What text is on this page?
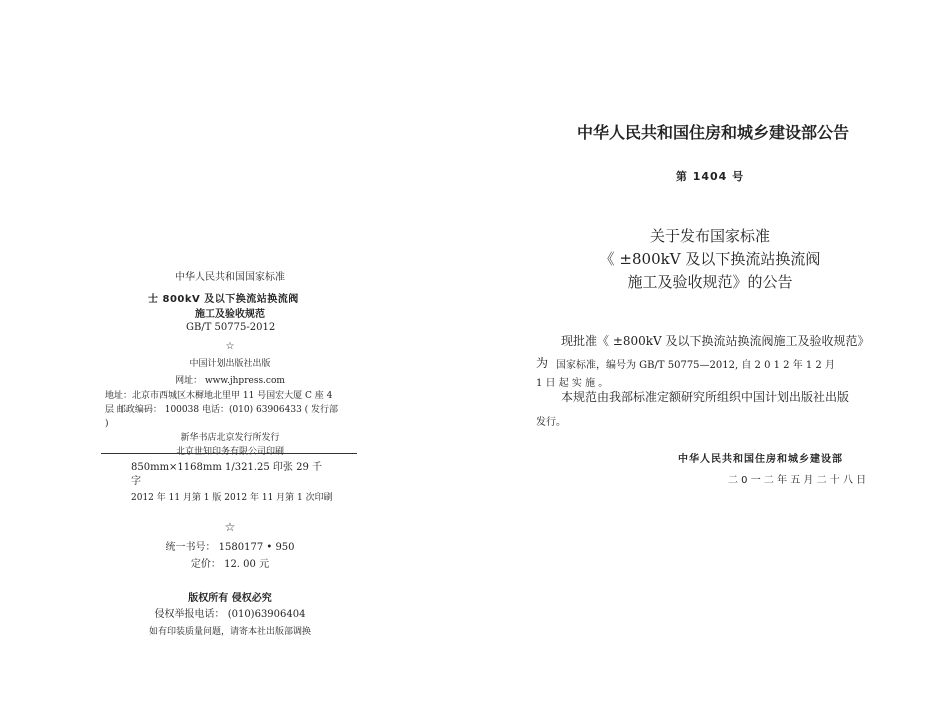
中华人民共和国国家标准
士 800kV 及以下换流站换流阀
施工及验收规范
GB/T 50775-2012
☆
中国计划出版社出版
网址： www.jhpress.com
地址：北京市西城区木樨地北里甲 11 号国宏大厦 C 座 4 层 邮政编码： 100038 电话：(010) 63906433 ( 发行部 )
新华书店北京发行所发行
北京世知印务有限公司印刷
850mm×1168mm 1/321.25 印张 29 千字
2012 年 11 月第 1 版 2012 年 11 月第 1 次印刷
☆
统一书号： 1580177 • 950
定价： 12. 00 元
版权所有 侵权必究
侵权举报电话： (010)63906404
如有印装质量问题，请寄本社出版部调换
中华人民共和国住房和城乡建设部公告
第 1404 号
关于发布国家标准
《 ±800kV 及以下换流站换流阀
施工及验收规范》的公告
现批准《 ±800kV 及以下换流站换流阀施工及验收规范》
为 国家标准，编号为 GB/T 50775—2012, 自 2 0 1 2 年 1 2 月
1 日 起 实 施 。
本规范由我部标准定额研究所组织中国计划出版社出版
发行。
中华人民共和国住房和城乡建设部
二 0 一 二 年 五 月 二 十 八 日
